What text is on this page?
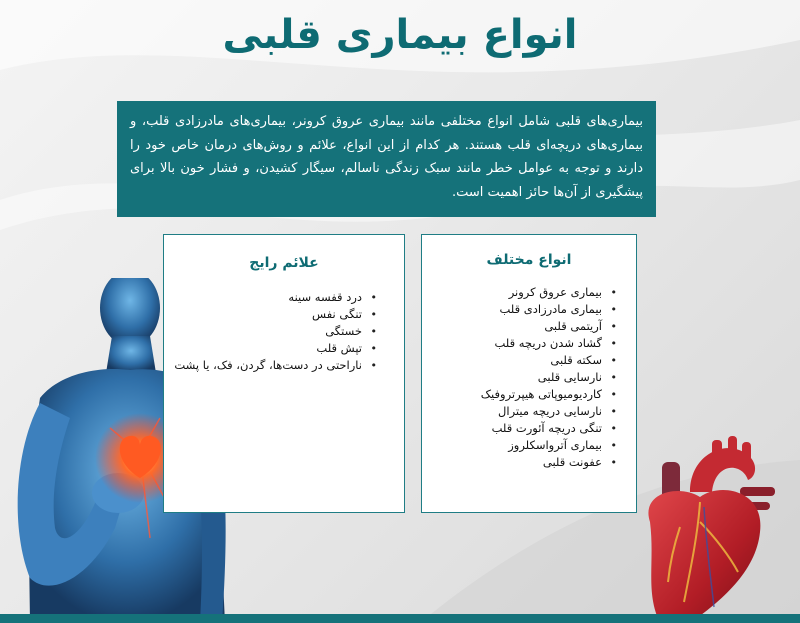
انواع بیماری قلبی
بیماری‌های قلبی شامل انواع مختلفی مانند بیماری عروق کرونر، بیماری‌های مادرزادی قلب، و بیماری‌های دریچه‌ای قلب هستند. هر کدام از این انواع، علائم و روش‌های درمان خاص خود را دارند و توجه به عوامل خطر مانند سبک زندگی ناسالم، سیگار کشیدن، و فشار خون بالا برای پیشگیری از آن‌ها حائز اهمیت است.
علائم رایج
• درد قفسه سینه
• تنگی نفس
• خستگی
• تپش قلب
• ناراحتی در دست‌ها، گردن، فک، یا پشت
انواع مختلف
• بیماری عروق کرونر
• بیماری مادرزادی قلب
• آریتمی قلبی
• گشاد شدن دریچه قلب
• سکته قلبی
• نارسایی قلبی
• کاردیومیوپاتی هیپرتروفیک
• نارسایی دریچه میترال
• تنگی دریچه آئورت قلب
• بیماری آترواسکلروز
• عفونت قلبی
